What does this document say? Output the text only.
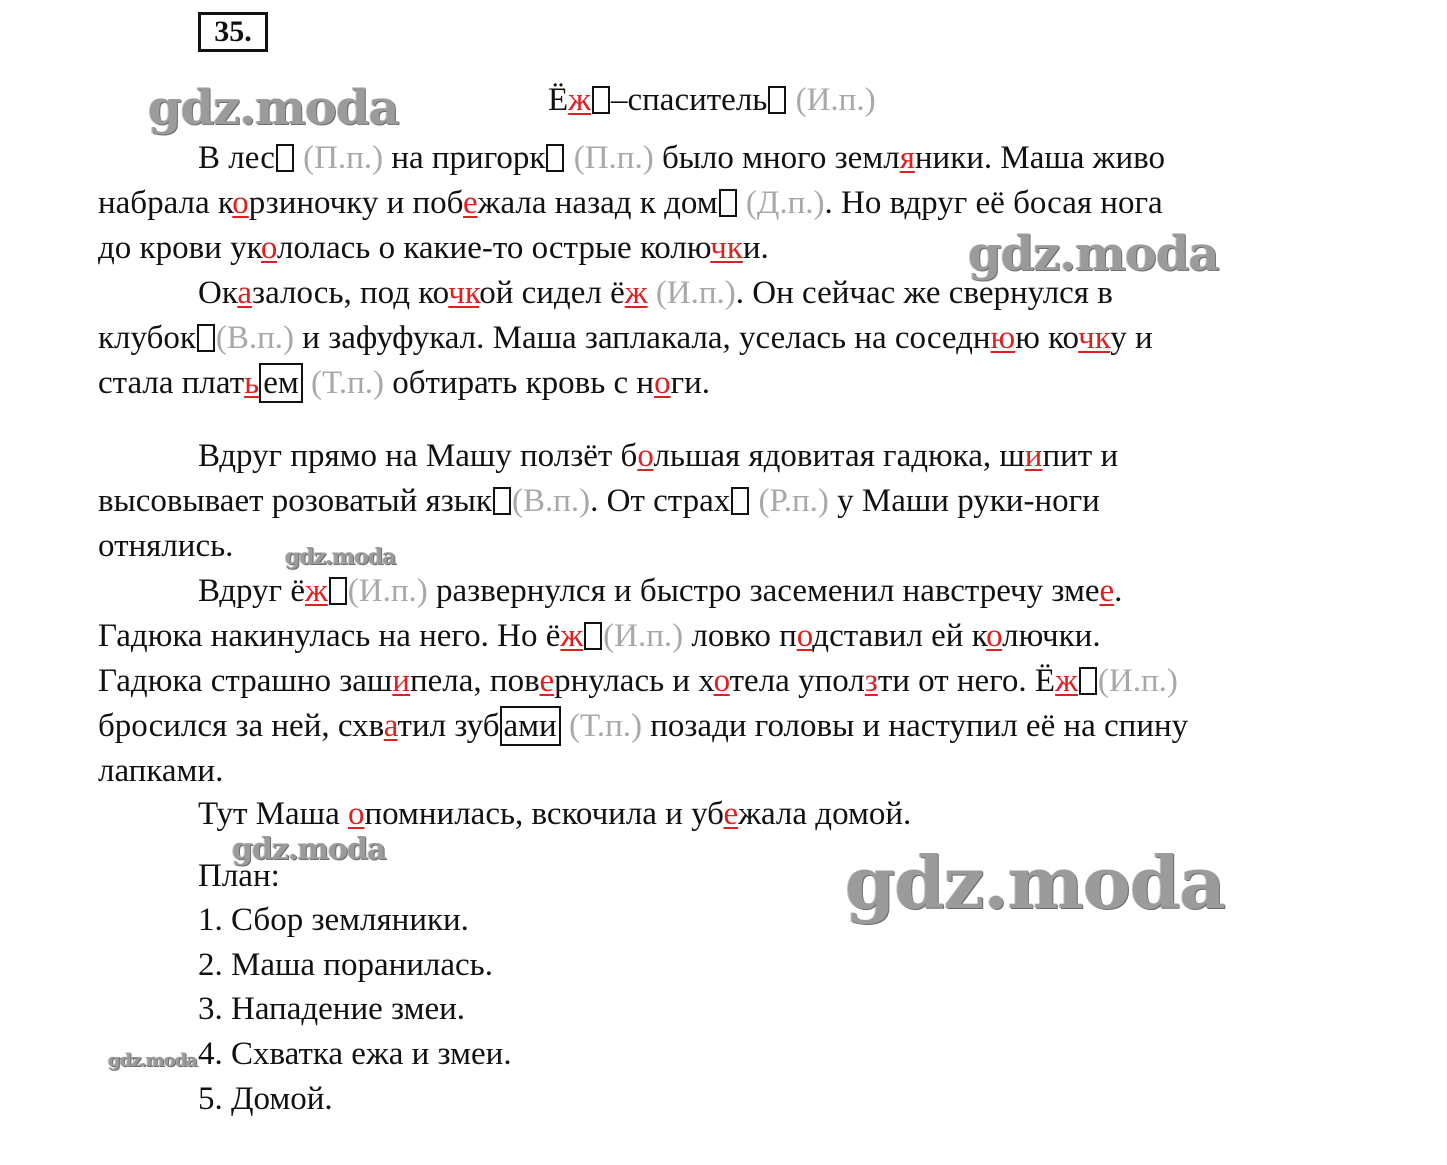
35.
gdz.moda	Ёж –спаситель (И.п.)
В лес (П.п.) на пригорк (П.п.) было много земляники. Маша живо
набрала корзиночку и побежала назад к дом (Д.п.). Но вдруг её босая нога
до крови укололась о какие-то острые колючки.	gdz.moda
Оказалось, под кочкой сидел ёж (И.п.). Он сейчас же свернулся в
клубок (В.п.) и зафуфукал. Маша заплакала, уселась на соседнюю кочку и
стала плать ем (Т.п.) обтирать кровь с ноги.
Вдруг прямо на Машу ползёт большая ядовитая гадюка, шипит и
высовывает розоватый язык (В.п.). От страх (Р.п.) у Маши руки-ноги
отнялись. gdz.moda
Вдруг ёж (И.п.) развернулся и быстро засеменил навстречу змее.
Гадюка накинулась на него. Но ёж (И.п.) ловко подставил ей колючки.
Гадюка страшно зашипела, повернулась и хотела уползти от него. Ёж (И.п.)
бросился за ней, схватил зуб ами (Т.п.) позади головы и наступил её на спину
лапками.
Тут Маша опомнилась, вскочила и убежала домой.
gdz.moda
План:
1. Сбор земляники.
2. Маша поранилась.
3. Нападение змеи.
4. Схватка ежа и змеи.
5. Домой.
gdz.moda
gdz.moda
